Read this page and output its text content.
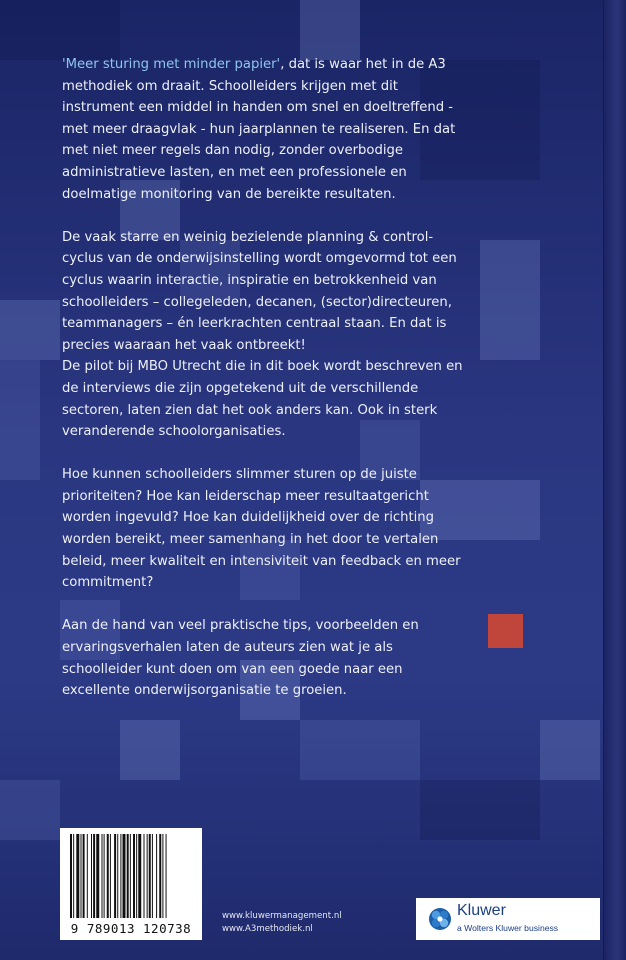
'Meer sturing met minder papier', dat is waar het in de A3 methodiek om draait. Schoolleiders krijgen met dit instrument een middel in handen om snel en doeltreffend - met meer draagvlak - hun jaarplannen te realiseren. En dat met niet meer regels dan nodig, zonder overbodige administratieve lasten, en met een professionele en doelmatige monitoring van de bereikte resultaten.

De vaak starre en weinig bezielende planning & control-cyclus van de onderwijsinstelling wordt omgevormd tot een cyclus waarin interactie, inspiratie en betrokkenheid van schoolleiders – collegeleden, decanen, (sector)directeuren, teammanagers – én leerkrachten centraal staan. En dat is precies waaraan het vaak ontbreekt!

De pilot bij MBO Utrecht die in dit boek wordt beschreven en de interviews die zijn opgetekend uit de verschillende sectoren, laten zien dat het ook anders kan. Ook in sterk veranderende schoolorganisaties.

Hoe kunnen schoolleiders slimmer sturen op de juiste prioriteiten? Hoe kan leiderschap meer resultaatgericht worden ingevuld? Hoe kan duidelijkheid over de richting worden bereikt, meer samenhang in het door te vertalen beleid, meer kwaliteit en intensiviteit van feedback en meer commitment?

Aan de hand van veel praktische tips, voorbeelden en ervaringsverhalen laten de auteurs zien wat je als schoolleider kunt doen om van een goede naar een excellente onderwijsorganisatie te groeien.

9 789013 120738
www.kluwermanagement.nl
www.A3methodiek.nl
Kluwer
a Wolters Kluwer business
